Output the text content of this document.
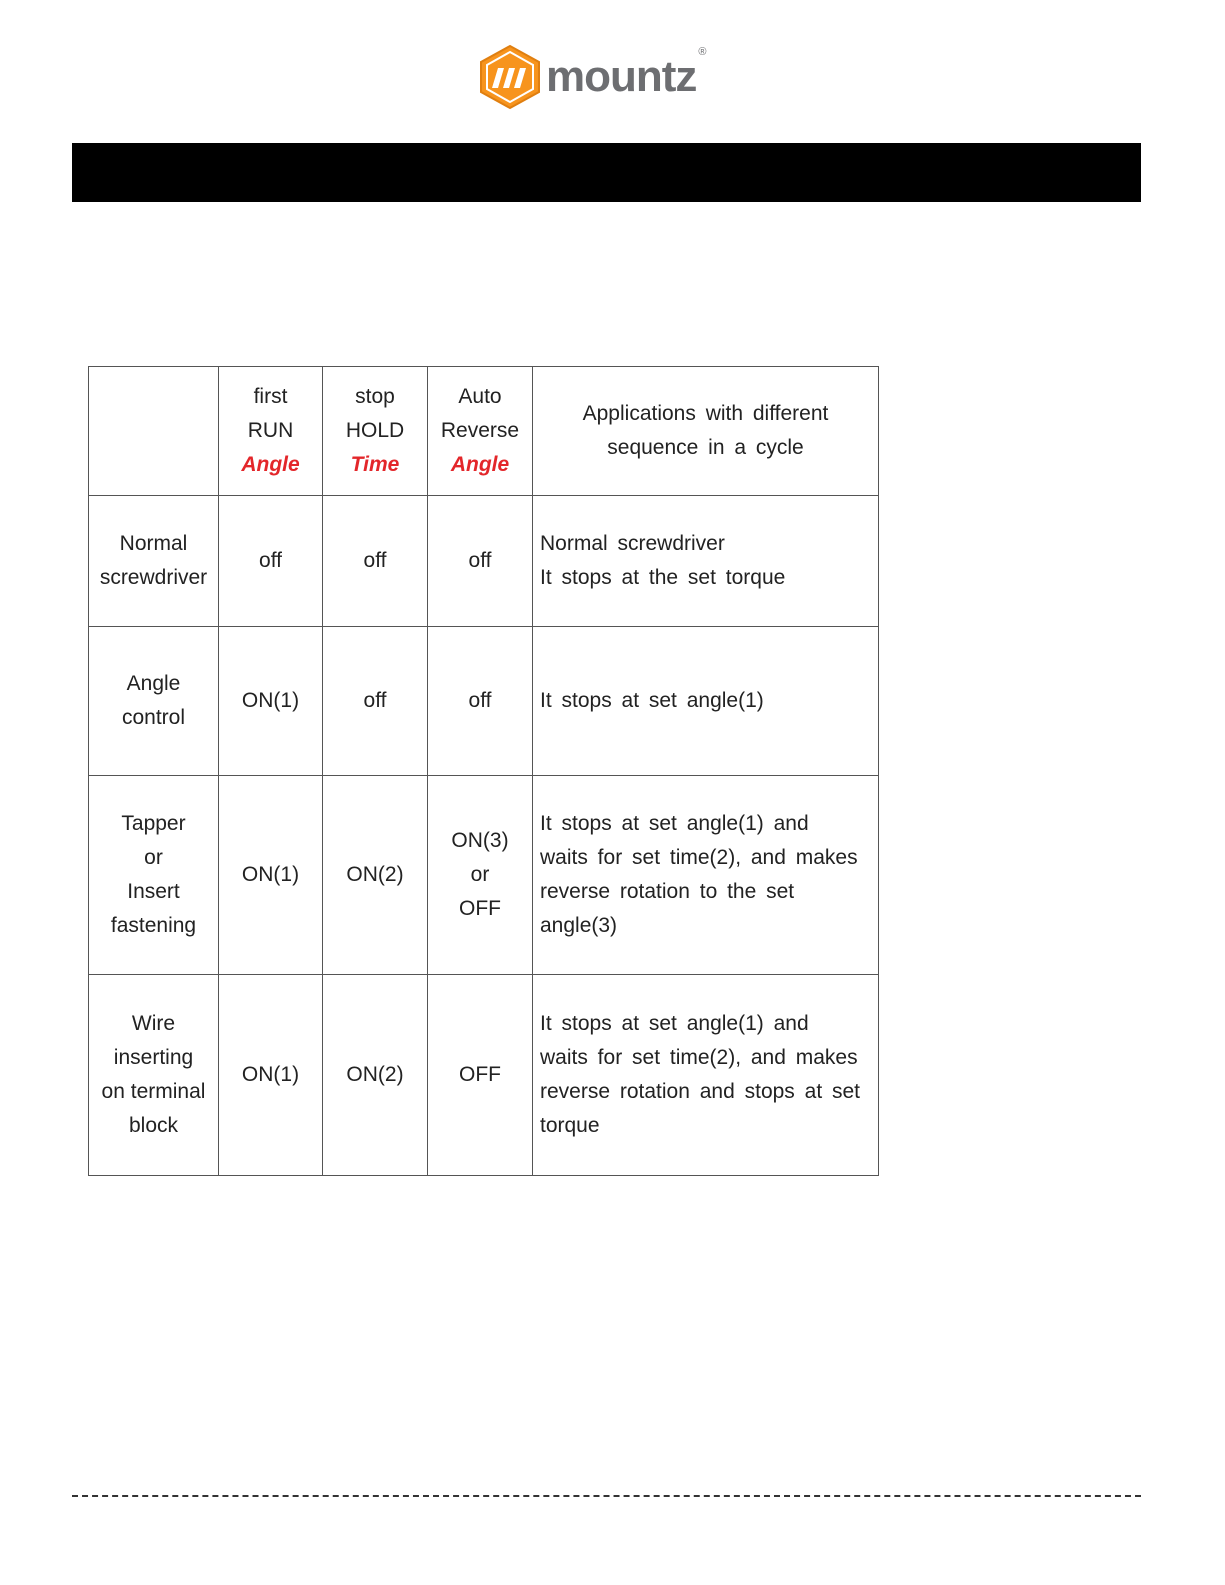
mountz ®

	first
RUN
Angle	stop
HOLD
Time	Auto
Reverse
Angle	Applications with different
sequence in a cycle

Normal
screwdriver	off	off	off	Normal screwdriver
It stops at the set torque

Angle
control	ON(1)	off	off	It stops at set angle(1)

Tapper
or
Insert
fastening	ON(1)	ON(2)	ON(3)
or
OFF	It stops at set angle(1) and
waits for set time(2), and makes
reverse rotation to the set
angle(3)

Wire
inserting
on terminal
block	ON(1)	ON(2)	OFF	It stops at set angle(1) and
waits for set time(2), and makes
reverse rotation and stops at set
torque
